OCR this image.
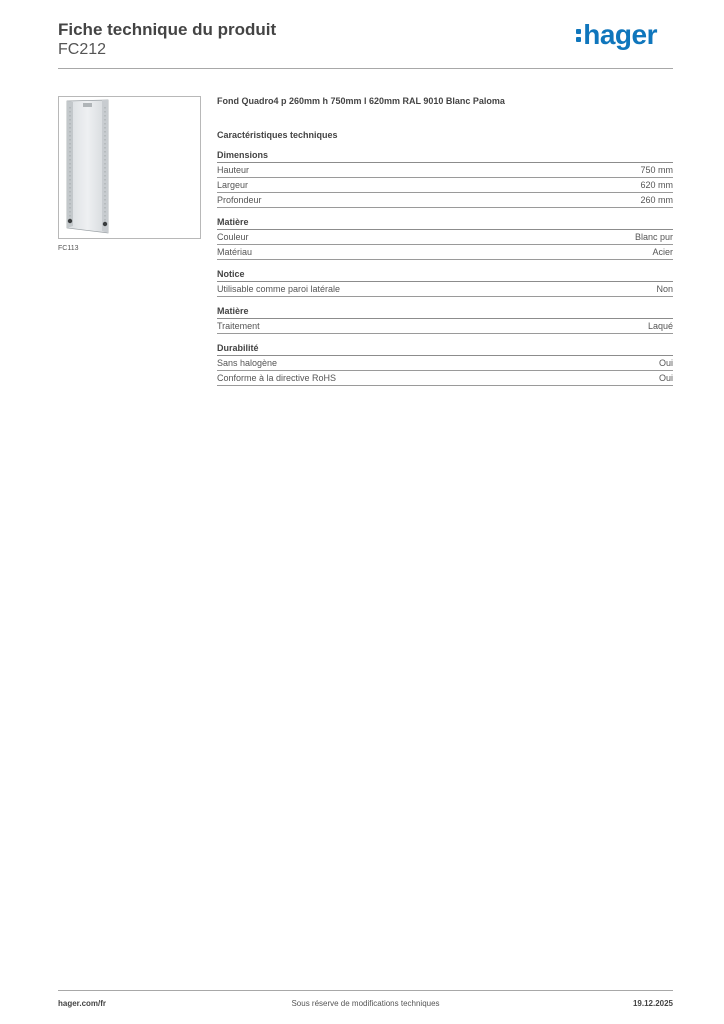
Fiche technique du produit
FC212	hager
FC113
Fond Quadro4 p 260mm h 750mm l 620mm RAL 9010 Blanc Paloma
Caractéristiques techniques
Dimensions
Hauteur	750 mm
Largeur	620 mm
Profondeur	260 mm
Matière
Couleur	Blanc pur
Matériau	Acier
Notice
Utilisable comme paroi latérale	Non
Matière
Traitement	Laqué
Durabilité
Sans halogène	Oui
Conforme à la directive RoHS	Oui
hager.com/fr	Sous réserve de modifications techniques	19.12.2025
